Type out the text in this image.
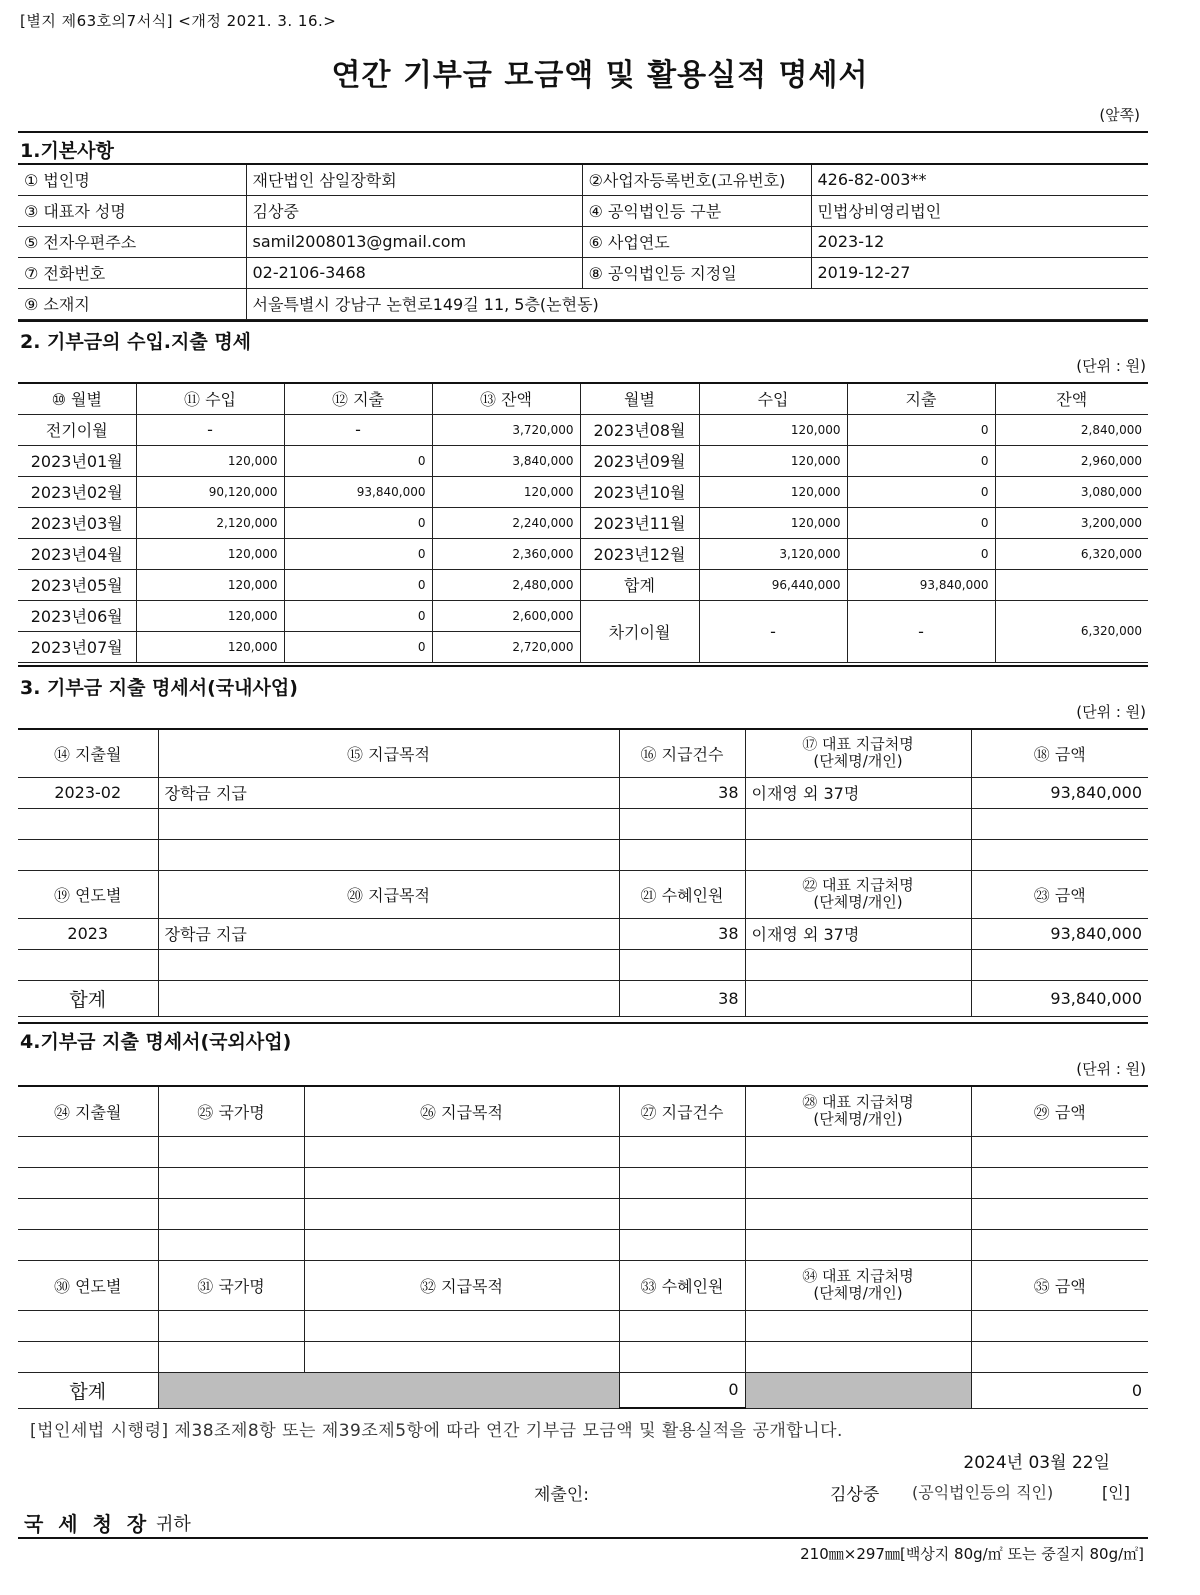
[별지 제63호의7서식] <개정 2021. 3. 16.>
연간 기부금 모금액 및 활용실적 명세서
(앞쪽)
1.기본사항
① 법인명	재단법인 삼일장학회	②사업자등록번호(고유번호)	426-82-003**
③ 대표자 성명	김상중	④ 공익법인등 구분	민법상비영리법인
⑤ 전자우편주소	samil2008013@gmail.com	⑥ 사업연도	2023-12
⑦ 전화번호	02-2106-3468	⑧ 공익법인등 지정일	2019-12-27
⑨ 소재지	서울특별시 강남구 논현로149길 11, 5층(논현동)		
2. 기부금의 수입.지출 명세
(단위 : 원)
⑩ 월별	⑪ 수입	⑫ 지출	⑬ 잔액	월별	수입	지출	잔액
전기이월	-	-	3,720,000	2023년08월	120,000	0	2,840,000
2023년01월	120,000	0	3,840,000	2023년09월	120,000	0	2,960,000
2023년02월	90,120,000	93,840,000	120,000	2023년10월	120,000	0	3,080,000
2023년03월	2,120,000	0	2,240,000	2023년11월	120,000	0	3,200,000
2023년04월	120,000	0	2,360,000	2023년12월	3,120,000	0	6,320,000
2023년05월	120,000	0	2,480,000	합계	96,440,000	93,840,000	
2023년06월	120,000	0	2,600,000	차기이월	-	-	6,320,000
2023년07월	120,000	0	2,720,000				
3. 기부금 지출 명세서(국내사업)
(단위 : 원)
⑭ 지출월	⑮ 지급목적	⑯ 지급건수	⑰ 대표 지급처명
(단체명/개인)	⑱ 금액
2023-02	장학금 지급	38	이재영 외 37명	93,840,000

⑲ 연도별	⑳ 지급목적	㉑ 수혜인원	㉒ 대표 지급처명
(단체명/개인)	㉓ 금액
2023	장학금 지급	38	이재영 외 37명	93,840,000

합계		38		93,840,000
4.기부금 지출 명세서(국외사업)
(단위 : 원)
㉔ 지출월	㉕ 국가명	㉖ 지급목적	㉗ 지급건수	㉘ 대표 지급처명
(단체명/개인)	㉙ 금액

㉚ 연도별	㉛ 국가명	㉜ 지급목적	㉝ 수혜인원	㉞ 대표 지급처명
(단체명/개인)	㉟ 금액

합계			0		0
[법인세법 시행령] 제38조제8항 또는 제39조제5항에 따라 연간 기부금 모금액 및 활용실적을 공개합니다.
2024년 03월 22일
제출인:	김상중 (공익법인등의 직인)	[인]
국 세 청 장 귀하
210㎜×297㎜[백상지 80g/㎡ 또는 중질지 80g/㎡]
